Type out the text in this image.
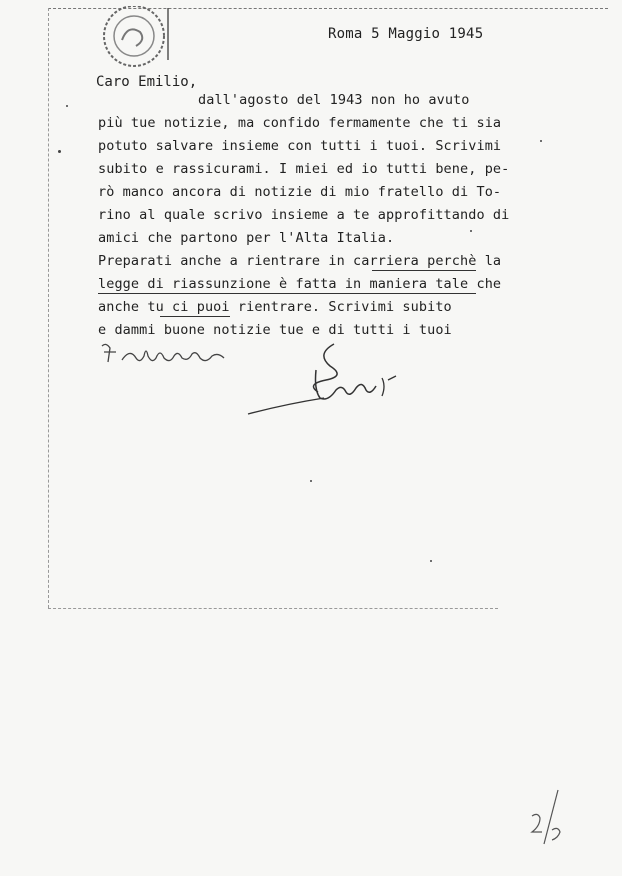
Roma 5 Maggio 1945
Caro Emilio,
dall'agosto del 1943 non ho avuto
più tue notizie, ma confido fermamente che ti sia
potuto salvare insieme con tutti i tuoi. Scrivimi
subito e rassicurami. I miei ed io tutti bene, pe-
rò manco ancora di notizie di mio fratello di To-
rino al quale scrivo insieme a te approfittando di
amici che partono per l'Alta Italia.
Preparati anche a rientrare in carriera perchè la
legge di riassunzione è fatta in maniera tale che
anche tu ci puoi rientrare. Scrivimi subito
e dammi buone notizie tue e di tutti i tuoi
